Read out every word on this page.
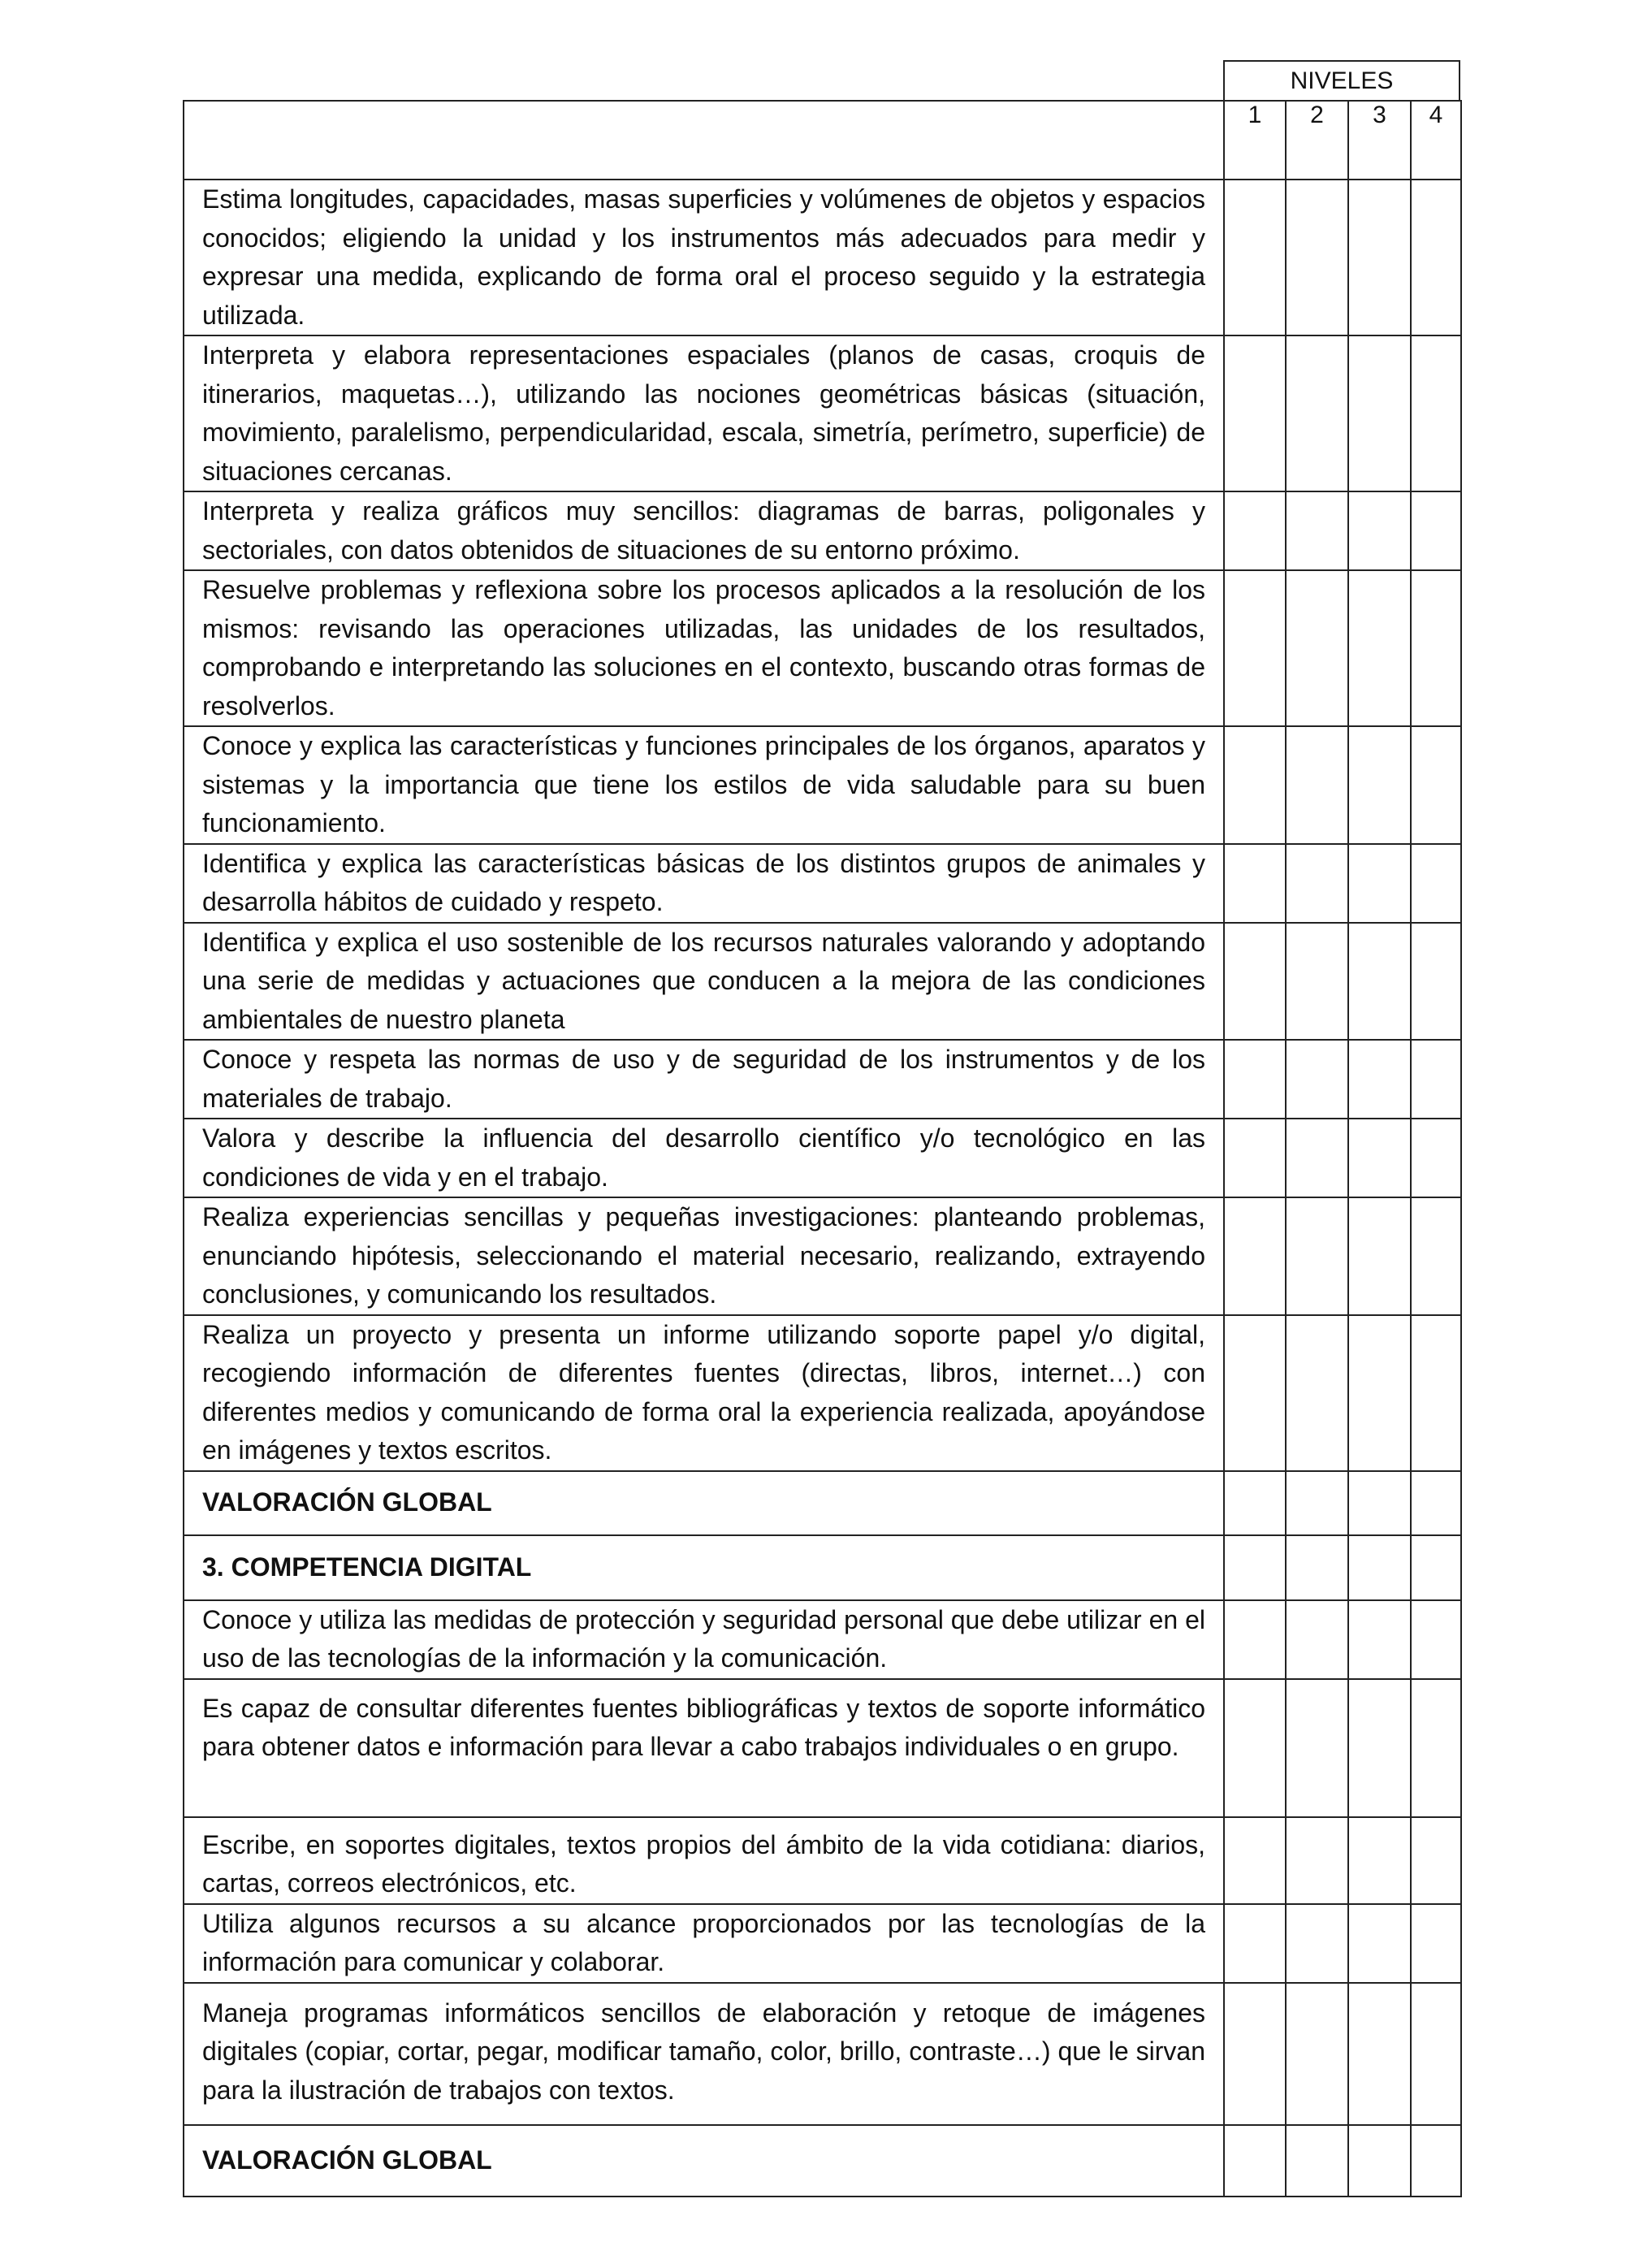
NIVELES
	1	2	3	4
Estima longitudes, capacidades, masas superficies y volúmenes de objetos y espacios conocidos; eligiendo la unidad y los instrumentos más adecuados para medir y expresar una medida, explicando de forma oral el proceso seguido y la estrategia utilizada.				
Interpreta y elabora representaciones espaciales (planos de casas, croquis de itinerarios, maquetas…), utilizando las nociones geométricas básicas (situación, movimiento, paralelismo, perpendicularidad, escala, simetría, perímetro, superficie) de situaciones cercanas.				
Interpreta y realiza gráficos muy sencillos: diagramas de barras, poligonales y sectoriales, con datos obtenidos de situaciones de su entorno próximo.				
Resuelve problemas y reflexiona sobre los procesos aplicados a la resolución de los mismos: revisando las operaciones utilizadas, las unidades de los resultados, comprobando e interpretando las soluciones en el contexto, buscando otras formas de resolverlos.				
Conoce y explica las características y funciones principales de los órganos, aparatos y sistemas y la importancia que tiene los estilos de vida saludable para su buen funcionamiento.				
Identifica y explica las características básicas de los distintos grupos de animales y desarrolla hábitos de cuidado y respeto.				
Identifica y explica el uso sostenible de los recursos naturales valorando y adoptando una serie de medidas y actuaciones que conducen a la mejora de las condiciones ambientales de nuestro planeta				
Conoce y respeta las normas de uso y de seguridad de los instrumentos y de los materiales de trabajo.				
Valora y describe la influencia del desarrollo científico y/o tecnológico en las condiciones de vida y en el trabajo.				
Realiza experiencias sencillas y pequeñas investigaciones: planteando problemas, enunciando hipótesis, seleccionando el material necesario, realizando, extrayendo conclusiones, y comunicando los resultados.				
Realiza un proyecto y presenta un informe utilizando soporte papel y/o digital, recogiendo información de diferentes fuentes (directas, libros, internet…) con diferentes medios y comunicando de forma oral la experiencia realizada, apoyándose en imágenes y textos escritos.				
VALORACIÓN GLOBAL				
3. COMPETENCIA DIGITAL				
Conoce y utiliza las medidas de protección y seguridad personal que debe utilizar en el uso de las tecnologías de la información y la comunicación.				
Es capaz de consultar diferentes fuentes bibliográficas y textos de soporte informático para obtener datos e información para llevar a cabo trabajos individuales o en grupo.				
Escribe, en soportes digitales, textos propios del ámbito de la vida cotidiana: diarios, cartas, correos electrónicos, etc.				
Utiliza algunos recursos a su alcance proporcionados por las tecnologías de la información para comunicar y colaborar.				
Maneja programas informáticos sencillos de elaboración y retoque de imágenes digitales (copiar, cortar, pegar, modificar tamaño, color, brillo, contraste…) que le sirvan para la ilustración de trabajos con textos.				
VALORACIÓN GLOBAL				
